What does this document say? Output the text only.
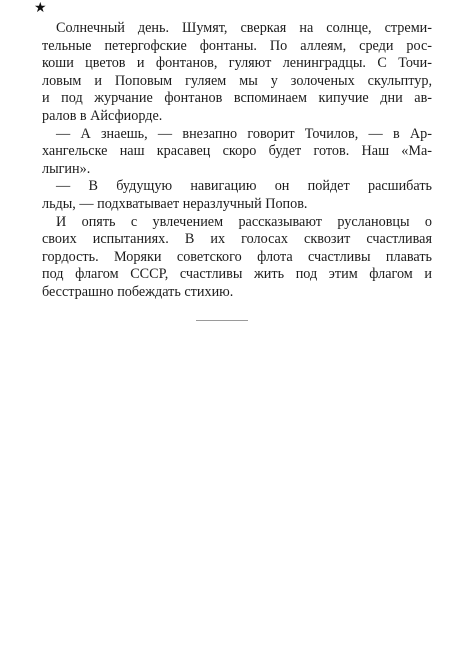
★
Солнечный день. Шумят, сверкая на солнце, стреми-
тельные петергофские фонтаны. По аллеям, среди рос-
коши цветов и фонтанов, гуляют ленинградцы. С Точи-
ловым и Поповым гуляем мы у золоченых скульптур,
и под журчание фонтанов вспоминаем кипучие дни ав-
ралов в Айсфиорде.
— А знаешь, — внезапно говорит Точилов, — в Ар-
хангельске наш красавец скоро будет готов. Наш «Ма-
лыгин».
— В будущую навигацию он пойдет расшибать
льды, — подхватывает неразлучный Попов.
И опять с увлечением рассказывают руслановцы о
своих испытаниях. В их голосах сквозит счастливая
гордость. Моряки советского флота счастливы плавать
под флагом СССР, счастливы жить под этим флагом и
бесстрашно побеждать стихию.
